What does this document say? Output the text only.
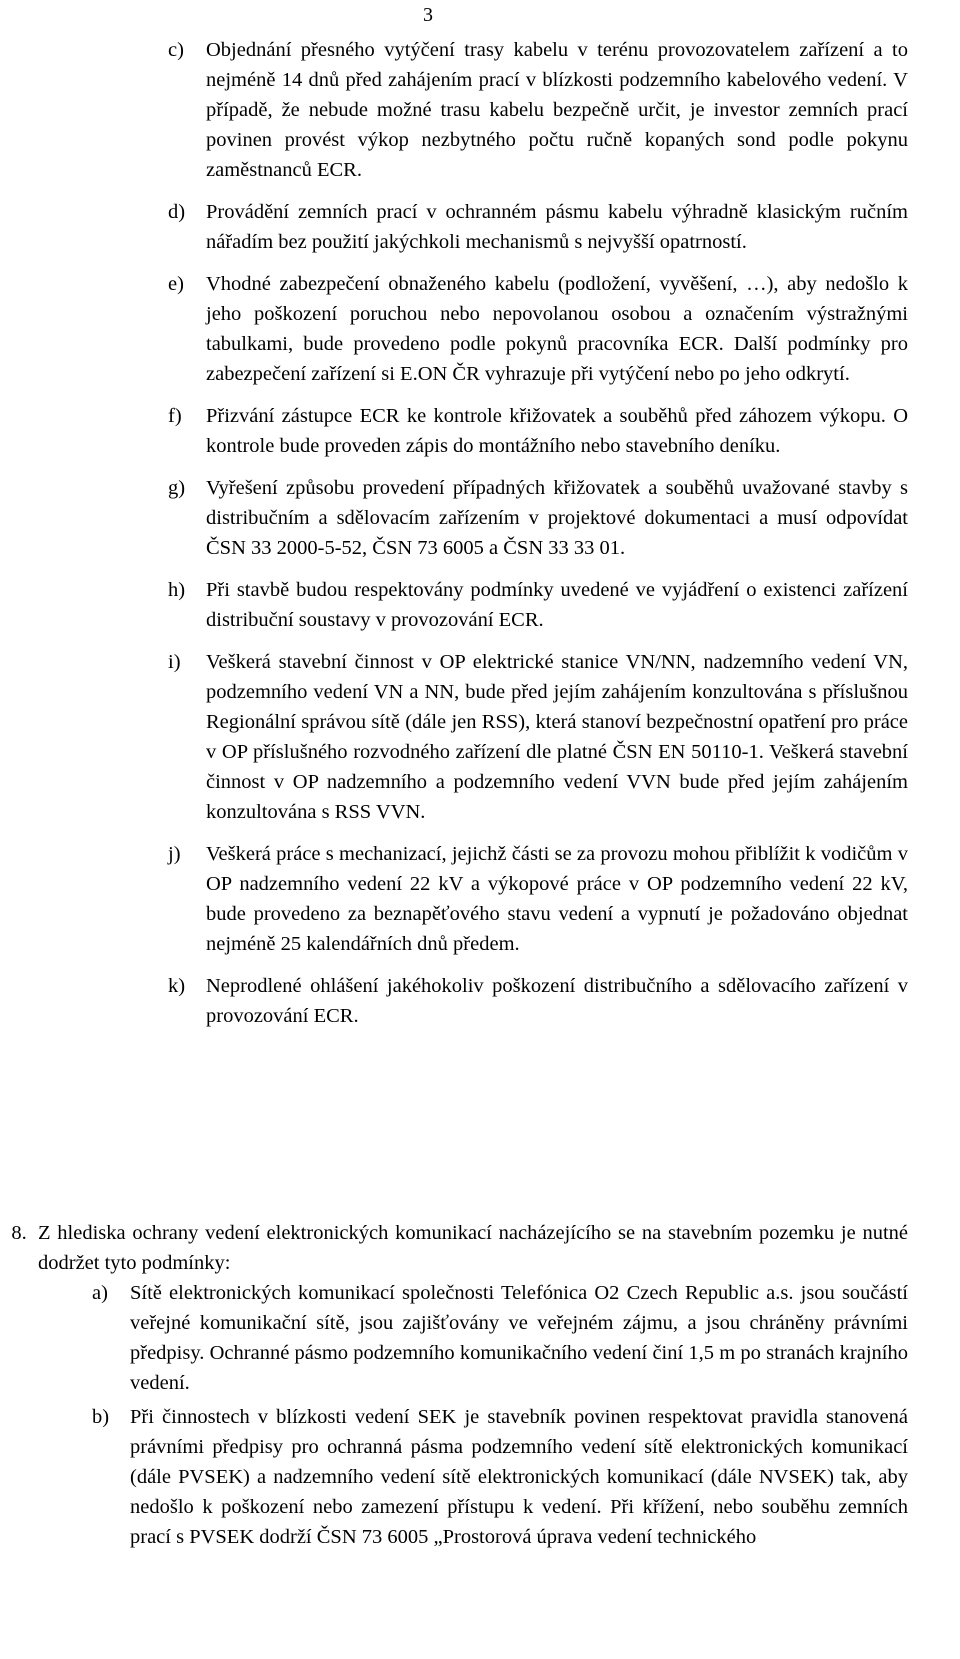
3
c)	Objednání přesného vytýčení trasy kabelu v terénu provozovatelem zařízení a to nejméně 14 dnů před zahájením prací v blízkosti podzemního kabelového vedení. V případě, že nebude možné trasu kabelu bezpečně určit, je investor zemních prací povinen provést výkop nezbytného počtu ručně kopaných sond podle pokynu zaměstnanců ECR.
d)	Provádění zemních prací v ochranném pásmu kabelu výhradně klasickým ručním nářadím bez použití jakýchkoli mechanismů s nejvyšší opatrností.
e)	Vhodné zabezpečení obnaženého kabelu (podložení, vyvěšení, …), aby nedošlo k jeho poškození poruchou nebo nepovolanou osobou a označením výstražnými tabulkami, bude provedeno podle pokynů pracovníka ECR. Další podmínky pro zabezpečení zařízení si E.ON ČR vyhrazuje při vytýčení nebo po jeho odkrytí.
f)	Přizvání zástupce ECR ke kontrole křižovatek a souběhů před záhozem výkopu. O kontrole bude proveden zápis do montážního nebo stavebního deníku.
g)	Vyřešení způsobu provedení případných křižovatek a souběhů uvažované stavby s distribučním a sdělovacím zařízením v projektové dokumentaci a musí odpovídat ČSN 33 2000-5-52, ČSN 73 6005 a ČSN 33 33 01.
h)	Při stavbě budou respektovány podmínky uvedené ve vyjádření o existenci zařízení distribuční soustavy v provozování ECR.
i)	Veškerá stavební činnost v OP elektrické stanice VN/NN, nadzemního vedení VN, podzemního vedení VN a NN, bude před jejím zahájením konzultována s příslušnou Regionální správou sítě (dále jen RSS), která stanoví bezpečnostní opatření pro práce v OP příslušného rozvodného zařízení dle platné ČSN EN 50110-1. Veškerá stavební činnost v OP nadzemního a podzemního vedení VVN bude před jejím zahájením konzultována s RSS VVN.
j)	Veškerá práce s mechanizací, jejichž části se za provozu mohou přiblížit k vodičům v OP nadzemního vedení 22 kV a výkopové práce v OP podzemního vedení 22 kV, bude provedeno za beznapěťového stavu vedení a vypnutí je požadováno objednat nejméně 25 kalendářních dnů předem.
k)	Neprodlené ohlášení jakéhokoliv poškození distribučního a sdělovacího zařízení v provozování ECR.
8. Z hlediska ochrany vedení elektronických komunikací nacházejícího se na stavebním pozemku je nutné dodržet tyto podmínky:
a)	Sítě elektronických komunikací společnosti Telefónica O2 Czech Republic a.s. jsou součástí veřejné komunikační sítě, jsou zajišťovány ve veřejném zájmu, a jsou chráněny právními předpisy. Ochranné pásmo podzemního komunikačního vedení činí 1,5 m po stranách krajního vedení.
b)	Při činnostech v blízkosti vedení SEK je stavebník povinen respektovat pravidla stanovená právními předpisy pro ochranná pásma podzemního vedení sítě elektronických komunikací (dále PVSEK) a nadzemního vedení sítě elektronických komunikací (dále NVSEK) tak, aby nedošlo k poškození nebo zamezení přístupu k vedení. Při křížení, nebo souběhu zemních prací s PVSEK dodrží ČSN 73 6005 „Prostorová úprava vedení technického
